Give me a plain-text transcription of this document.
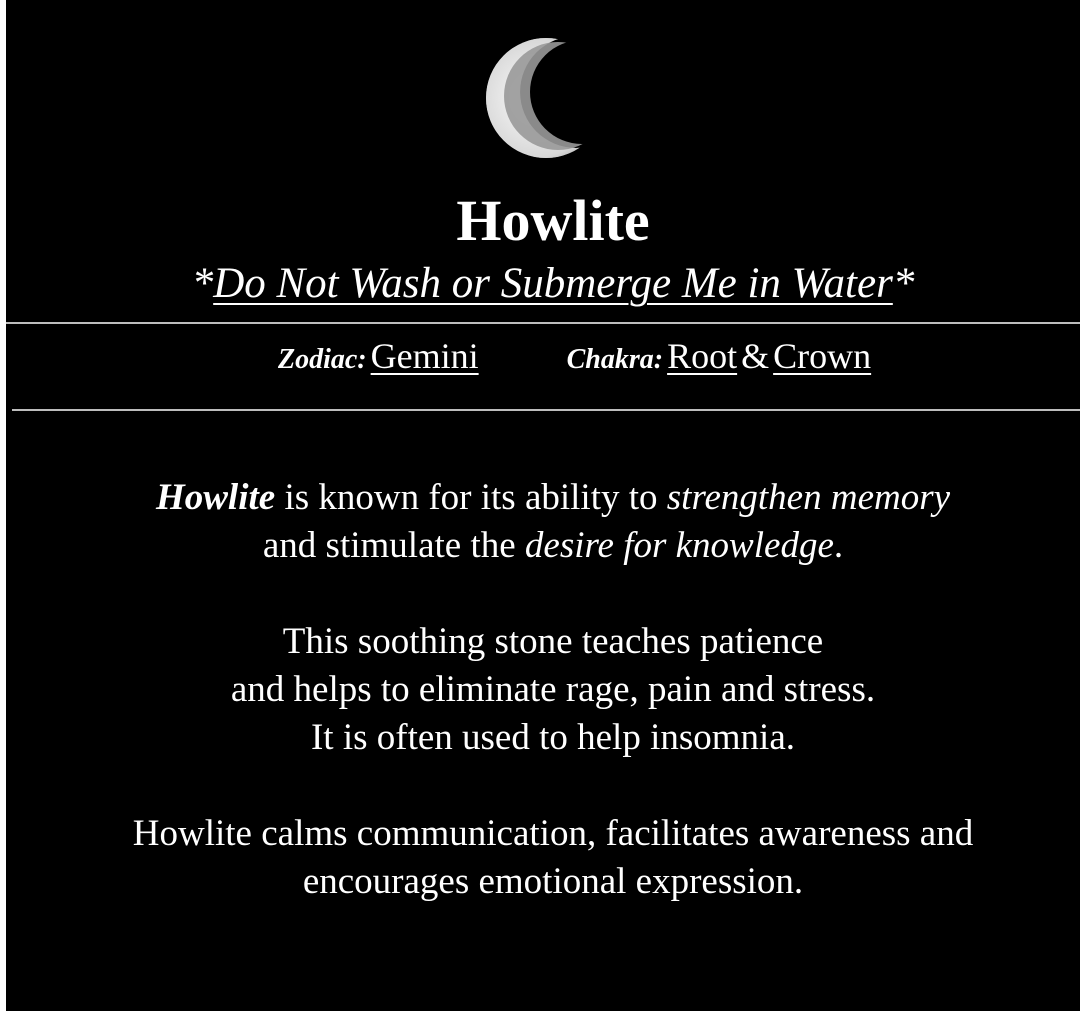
Howlite
*Do Not Wash or Submerge Me in Water*
Zodiac: Gemini	Chakra: Root & Crown

Howlite is known for its ability to strengthen memory
and stimulate the desire for knowledge.

This soothing stone teaches patience
and helps to eliminate rage, pain and stress.
It is often used to help insomnia.

Howlite calms communication, facilitates awareness and
encourages emotional expression.
